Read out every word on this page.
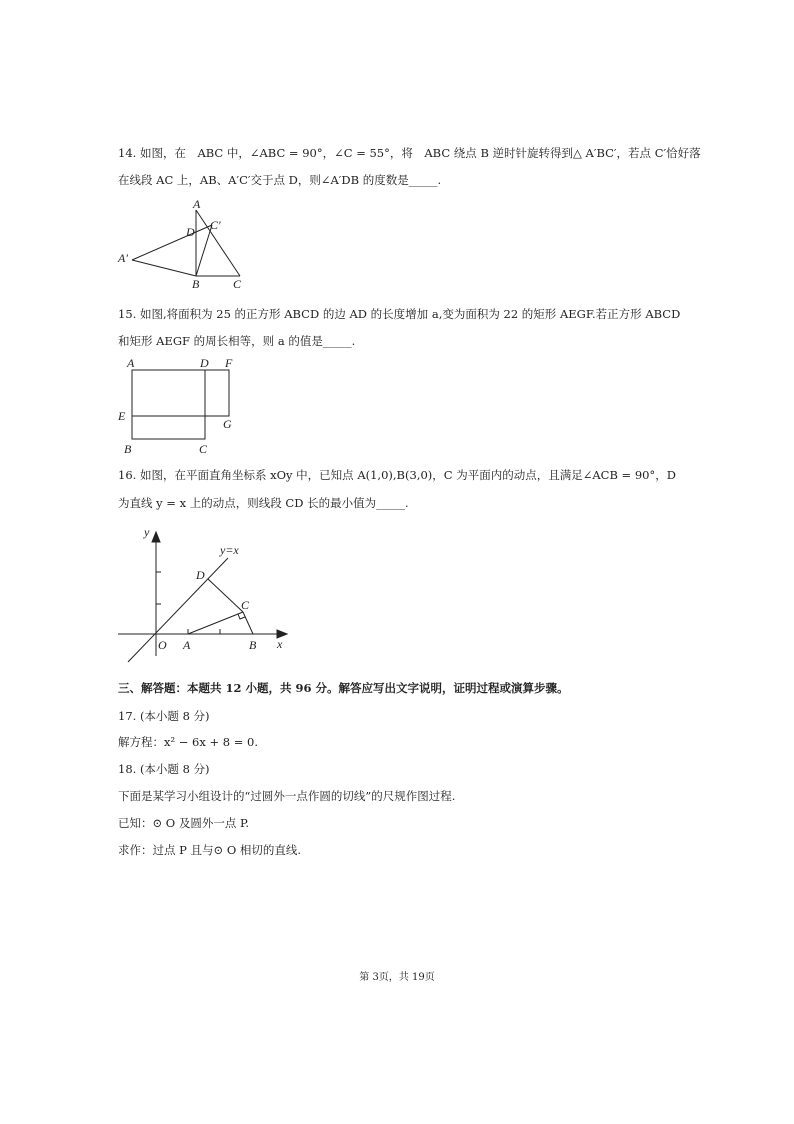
14. 如图，在　ABC 中，∠ABC = 90°，∠C = 55°，将　ABC 绕点 B 逆时针旋转得到△ A′BC′，若点 C′恰好落
在线段 AC 上，AB、A′C′交于点 D，则∠A′DB 的度数是_____.
A
C′
D
A′
B	C
15. 如图,将面积为 25 的正方形 ABCD 的边 AD 的长度增加 a,变为面积为 22 的矩形 AEGF.若正方形 ABCD
和矩形 AEGF 的周长相等，则 a 的值是_____.
A	D F
E
G
B	C
16. 如图，在平面直角坐标系 xOy 中，已知点 A(1,0),B(3,0)，C 为平面内的动点，且满足∠ACB = 90°，D
为直线 y = x 上的动点，则线段 CD 长的最小值为_____.
y
y=x
D
C
O A	B x
三、解答题：本题共 12 小题，共 96 分。解答应写出文字说明，证明过程或演算步骤。
17. (本小题 8 分)
解方程：x² − 6x + 8 = 0.
18. (本小题 8 分)
下面是某学习小组设计的“过圆外一点作圆的切线”的尺规作图过程.
已知：⊙ O 及圆外一点 P.
求作：过点 P 且与⊙ O 相切的直线.
第 3页，共 19页
